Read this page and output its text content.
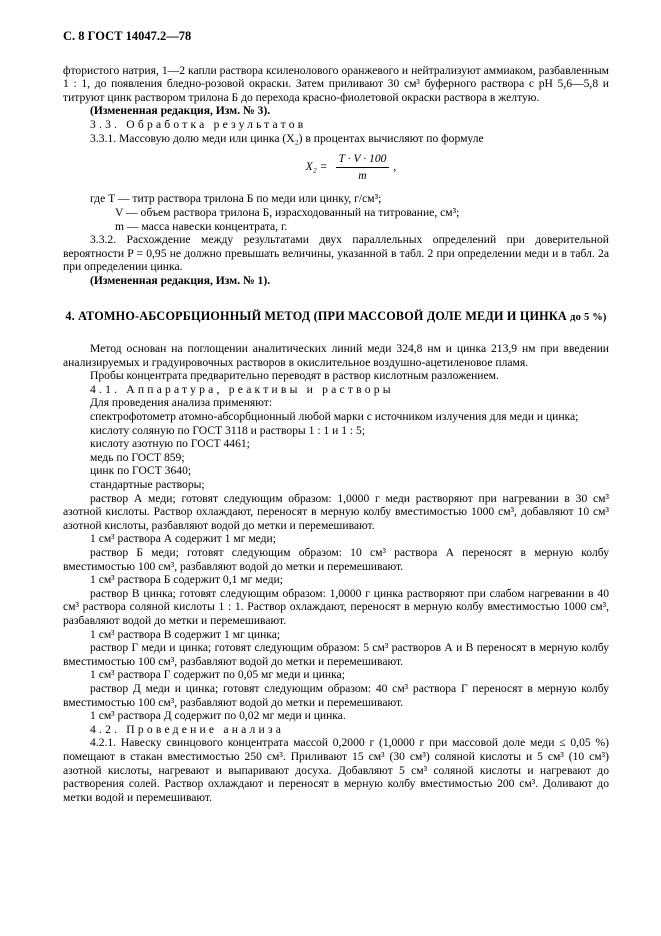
С. 8 ГОСТ 14047.2—78

фтористого натрия, 1—2 капли раствора ксиленолового оранжевого и нейтрализуют аммиаком, разбавленным 1 : 1, до появления бледно-розовой окраски. Затем приливают 30 см³ буферного раствора с рН 5,6—5,8 и титруют цинк раствором трилона Б до перехода красно-фиолетовой окраски раствора в желтую.

(Измененная редакция, Изм. № 3).

3.3. Обработка результатов

3.3.1. Массовую долю меди или цинка (X₂) в процентах вычисляют по формуле

$X_2 = \frac{T \cdot V \cdot 100}{m}$ ,

где T — титр раствора трилона Б по меди или цинку, г/см³;

V — объем раствора трилона Б, израсходованный на титрование, см³;

m — масса навески концентрата, г.

3.3.2. Расхождение между результатами двух параллельных определений при доверительной вероятности P = 0,95 не должно превышать величины, указанной в табл. 2 при определении меди и в табл. 2а при определении цинка.

(Измененная редакция, Изм. № 1).

4. АТОМНО-АБСОРБЦИОННЫЙ МЕТОД (ПРИ МАССОВОЙ ДОЛЕ МЕДИ И ЦИНКА до 5 %)

Метод основан на поглощении аналитических линий меди 324,8 нм и цинка 213,9 нм при введении анализируемых и градуировочных растворов в окислительное воздушно-ацетиленовое пламя.

Пробы концентрата предварительно переводят в раствор кислотным разложением.

4.1. Аппаратура, реактивы и растворы

Для проведения анализа применяют:

спектрофотометр атомно-абсорбционный любой марки с источником излучения для меди и цинка;

кислоту соляную по ГОСТ 3118 и растворы 1 : 1 и 1 : 5;

кислоту азотную по ГОСТ 4461;

медь по ГОСТ 859;

цинк по ГОСТ 3640;

стандартные растворы;

раствор А меди; готовят следующим образом: 1,0000 г меди растворяют при нагревании в 30 см³ азотной кислоты. Раствор охлаждают, переносят в мерную колбу вместимостью 1000 см³, добавляют 10 см³ азотной кислоты, разбавляют водой до метки и перемешивают.

1 см³ раствора А содержит 1 мг меди;

раствор Б меди; готовят следующим образом: 10 см³ раствора А переносят в мерную колбу вместимостью 100 см³, разбавляют водой до метки и перемешивают.

1 см³ раствора Б содержит 0,1 мг меди;

раствор В цинка; готовят следующим образом: 1,0000 г цинка растворяют при слабом нагревании в 40 см³ раствора соляной кислоты 1 : 1. Раствор охлаждают, переносят в мерную колбу вместимостью 1000 см³, разбавляют водой до метки и перемешивают.

1 см³ раствора В содержит 1 мг цинка;

раствор Г меди и цинка; готовят следующим образом: 5 см³ растворов А и В переносят в мерную колбу вместимостью 100 см³, разбавляют водой до метки и перемешивают.

1 см³ раствора Г содержит по 0,05 мг меди и цинка;

раствор Д меди и цинка; готовят следующим образом: 40 см³ раствора Г переносят в мерную колбу вместимостью 100 см³, разбавляют водой до метки и перемешивают.

1 см³ раствора Д содержит по 0,02 мг меди и цинка.

4.2. Проведение анализа

4.2.1. Навеску свинцового концентрата массой 0,2000 г (1,0000 г при массовой доле меди ≤ 0,05 %) помещают в стакан вместимостью 250 см³. Приливают 15 см³ (30 см³) соляной кислоты и 5 см³ (10 см³) азотной кислоты, нагревают и выпаривают досуха. Добавляют 5 см³ соляной кислоты и нагревают до растворения солей. Раствор охлаждают и переносят в мерную колбу вместимостью 200 см³. Доливают до метки водой и перемешивают.
